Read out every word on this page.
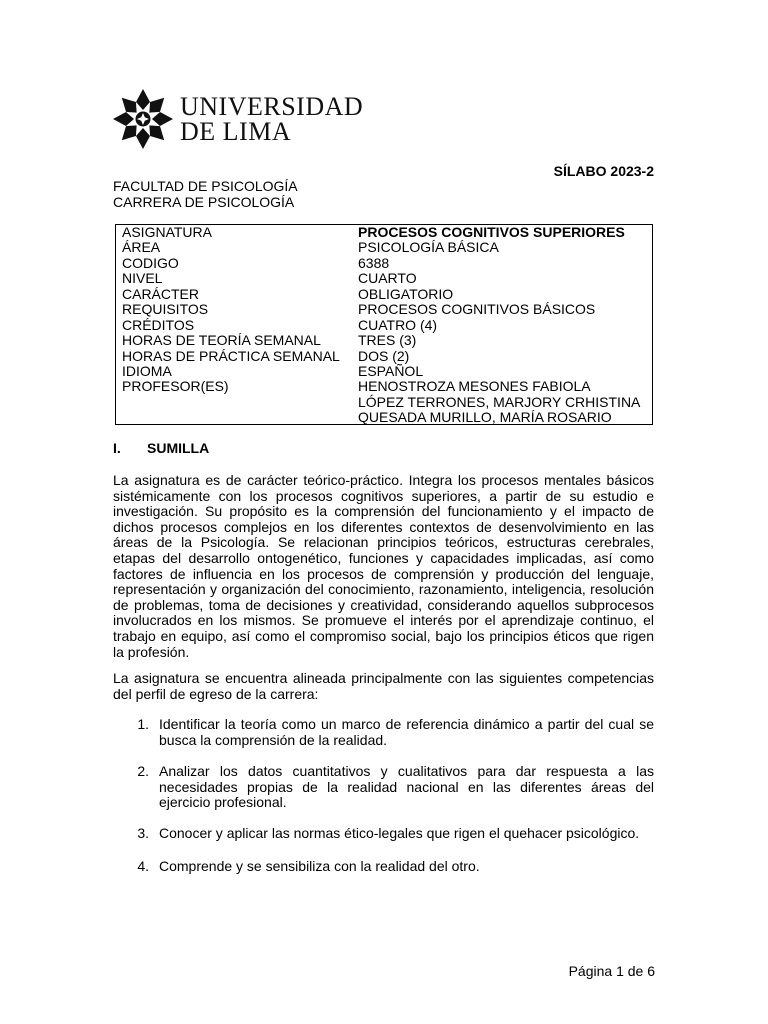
UNIVERSIDAD
DE LIMA
SÍLABO 2023-2
FACULTAD DE PSICOLOGÍA
CARRERA DE PSICOLOGÍA
ASIGNATURA	PROCESOS COGNITIVOS SUPERIORES
ÁREA	PSICOLOGÍA BÁSICA
CODIGO	6388
NIVEL	CUARTO
CARÁCTER	OBLIGATORIO
REQUISITOS	PROCESOS COGNITIVOS BÁSICOS
CRÉDITOS	CUATRO (4)
HORAS DE TEORÍA SEMANAL	TRES (3)
HORAS DE PRÁCTICA SEMANAL	DOS (2)
IDIOMA	ESPAÑOL
PROFESOR(ES)	HENOSTROZA MESONES FABIOLA
LÓPEZ TERRONES, MARJORY CRHISTINA
QUESADA MURILLO, MARÍA ROSARIO
I.	SUMILLA

La asignatura es de carácter teórico-práctico. Integra los procesos mentales básicos sistémicamente con los procesos cognitivos superiores, a partir de su estudio e investigación. Su propósito es la comprensión del funcionamiento y el impacto de dichos procesos complejos en los diferentes contextos de desenvolvimiento en las áreas de la Psicología. Se relacionan principios teóricos, estructuras cerebrales, etapas del desarrollo ontogenético, funciones y capacidades implicadas, así como factores de influencia en los procesos de comprensión y producción del lenguaje, representación y organización del conocimiento, razonamiento, inteligencia, resolución de problemas, toma de decisiones y creatividad, considerando aquellos subprocesos involucrados en los mismos. Se promueve el interés por el aprendizaje continuo, el trabajo en equipo, así como el compromiso social, bajo los principios éticos que rigen la profesión.

La asignatura se encuentra alineada principalmente con las siguientes competencias del perfil de egreso de la carrera:

1. Identificar la teoría como un marco de referencia dinámico a partir del cual se busca la comprensión de la realidad.
2. Analizar los datos cuantitativos y cualitativos para dar respuesta a las necesidades propias de la realidad nacional en las diferentes áreas del ejercicio profesional.
3. Conocer y aplicar las normas ético-legales que rigen el quehacer psicológico.
4. Comprende y se sensibiliza con la realidad del otro.
Página 1 de 6
